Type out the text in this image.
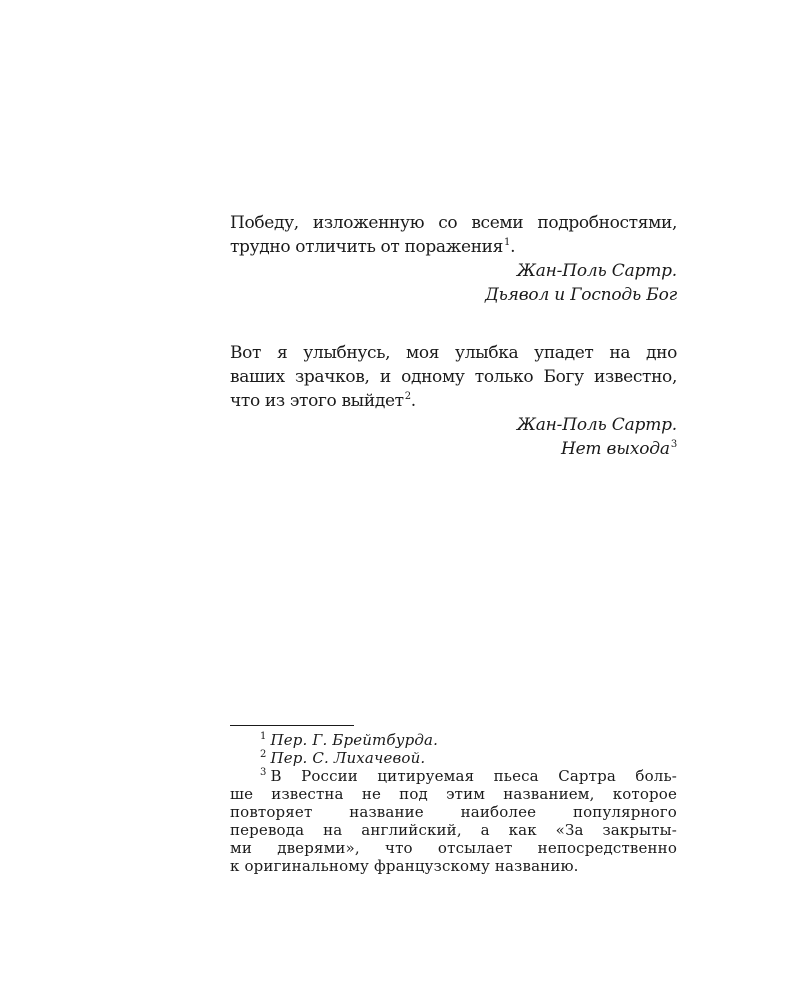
Победу, изложенную со всеми подробностями,
трудно отличить от поражения$^1$.

Жан-Поль Сартр.
Дьявол и Господь Бог

Вот я улыбнусь, моя улыбка упадет на дно
ваших зрачков, и одному только Богу известно,
что из этого выйдет$^2$.

Жан-Поль Сартр.
Нет выхода$^3$

$^1$ Пер. Г. Брейтбурда.

$^2$ Пер. С. Лихачевой.

$^3$ В России цитируемая пьеса Сартра боль-
ше известна не под этим названием, которое
повторяет название наиболее популярного
перевода на английский, а как «За закрыты-
ми дверями», что отсылает непосредственно
к оригинальному французскому названию.
